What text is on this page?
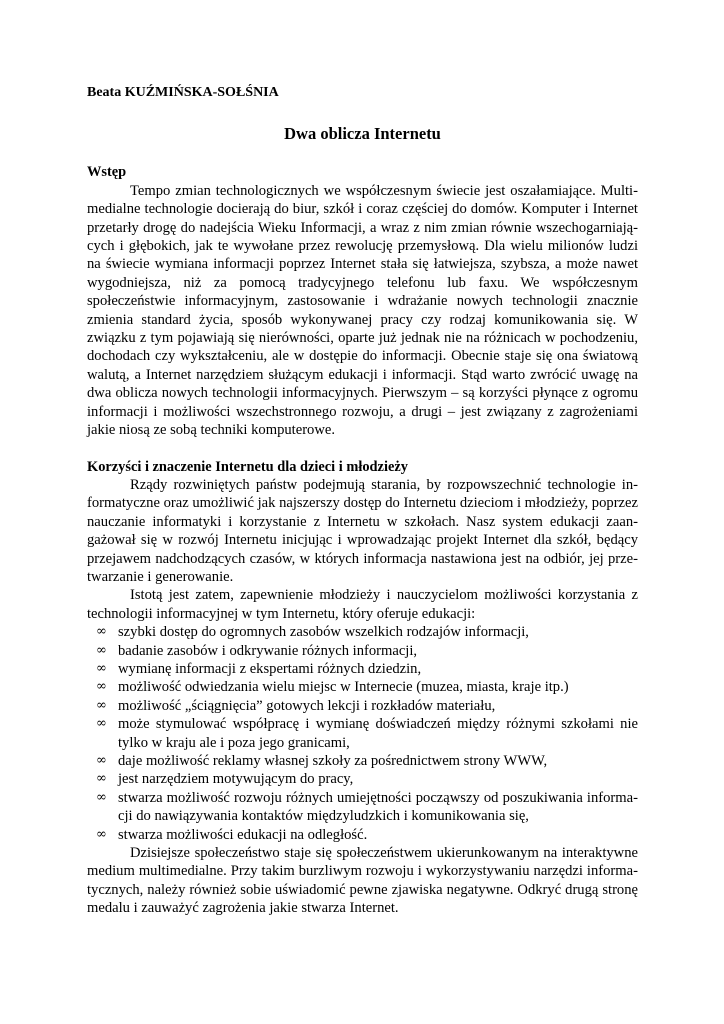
Beata KUŹMIŃSKA-SOŁŚNIA

Dwa oblicza Internetu
Wstęp

Tempo zmian technologicznych we współczesnym świecie jest oszałamiające. Multimedialne technologie docierają do biur, szkół i coraz częściej do domów. Komputer i Internet przetarły drogę do nadejścia Wieku Informacji, a wraz z nim zmian równie wszechogarniających i głębokich, jak te wywołane przez rewolucję przemysłową. Dla wielu milionów ludzi na świecie wymiana informacji poprzez Internet stała się łatwiejsza, szybsza, a może nawet wygodniejsza, niż za pomocą tradycyjnego telefonu lub faxu. We współczesnym społeczeństwie informacyjnym, zastosowanie i wdrażanie nowych technologii znacznie zmienia standard życia, sposób wykonywanej pracy czy rodzaj komunikowania się. W związku z tym pojawiają się nierówności, oparte już jednak nie na różnicach w pochodzeniu, dochodach czy wykształceniu, ale w dostępie do informacji. Obecnie staje się ona światową walutą, a Internet narzędziem służącym edukacji i informacji. Stąd warto zwrócić uwagę na dwa oblicza nowych technologii informacyjnych. Pierwszym – są korzyści płynące z ogromu informacji i możliwości wszechstronnego rozwoju, a drugi – jest związany z zagrożeniami jakie niosą ze sobą techniki komputerowe.

Korzyści i znaczenie Internetu dla dzieci i młodzieży

Rządy rozwiniętych państw podejmują starania, by rozpowszechnić technologie informatyczne oraz umożliwić jak najszerszy dostęp do Internetu dzieciom i młodzieży, poprzez nauczanie informatyki i korzystanie z Internetu w szkołach. Nasz system edukacji zaangażował się w rozwój Internetu inicjując i wprowadzając projekt Internet dla szkół, będący przejawem nadchodzących czasów, w których informacja nastawiona jest na odbiór, jej przetwarzanie i generowanie.

Istotą jest zatem, zapewnienie młodzieży i nauczycielom możliwości korzystania z technologii informacyjnej w tym Internetu, który oferuje edukacji:

∞ szybki dostęp do ogromnych zasobów wszelkich rodzajów informacji,
∞ badanie zasobów i odkrywanie różnych informacji,
∞ wymianę informacji z ekspertami różnych dziedzin,
∞ możliwość odwiedzania wielu miejsc w Internecie (muzea, miasta, kraje itp.)
∞ możliwość „ściągnięcia” gotowych lekcji i rozkładów materiału,
∞ może stymulować współpracę i wymianę doświadczeń między różnymi szkołami nie tylko w kraju ale i poza jego granicami,
∞ daje możliwość reklamy własnej szkoły za pośrednictwem strony WWW,
∞ jest narzędziem motywującym do pracy,
∞ stwarza możliwość rozwoju różnych umiejętności począwszy od poszukiwania informacji do nawiązywania kontaktów międzyludzkich i komunikowania się,
∞ stwarza możliwości edukacji na odległość.

Dzisiejsze społeczeństwo staje się społeczeństwem ukierunkowanym na interaktywne medium multimedialne. Przy takim burzliwym rozwoju i wykorzystywaniu narzędzi informatycznych, należy również sobie uświadomić pewne zjawiska negatywne. Odkryć drugą stronę medalu i zauważyć zagrożenia jakie stwarza Internet.
